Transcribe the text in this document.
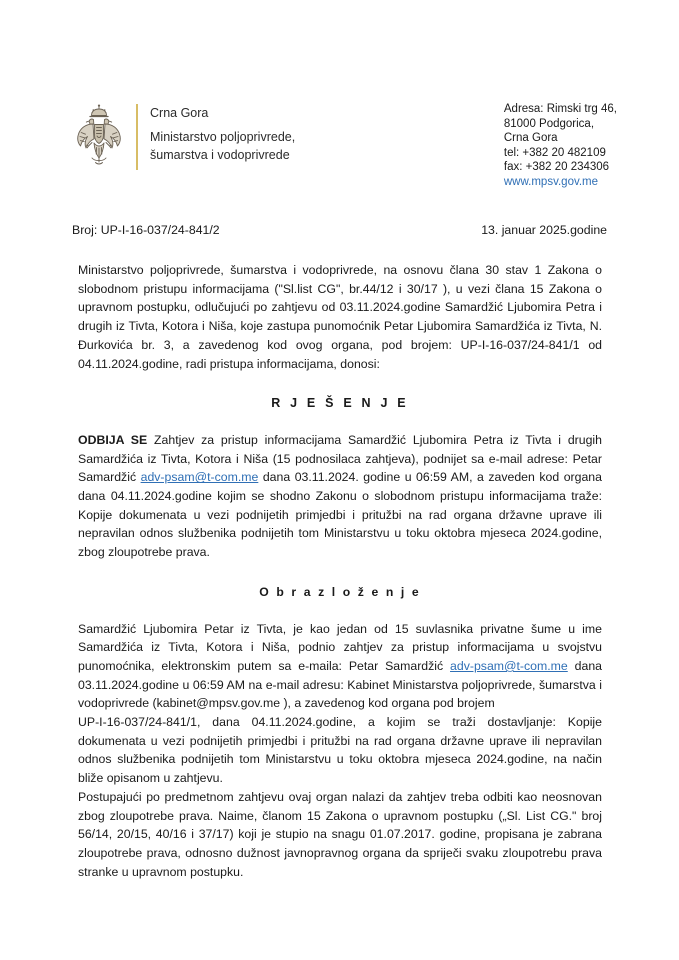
Crna Gora
Ministarstvo poljoprivrede,
šumarstva i vodoprivrede
Adresa: Rimski trg 46,
81000 Podgorica,
Crna Gora
tel: +382 20 482109
fax: +382 20 234306
www.mpsv.gov.me
Broj: UP-I-16-037/24-841/2	13. januar 2025.godine

Ministarstvo poljoprivrede, šumarstva i vodoprivrede, na osnovu člana 30 stav 1 Zakona o slobodnom pristupu informacijama ("Sl.list CG", br.44/12 i 30/17 ), u vezi člana 15 Zakona o upravnom postupku, odlučujući po zahtjevu od 03.11.2024.godine Samardžić Ljubomira Petra i drugih iz Tivta, Kotora i Niša, koje zastupa punomoćnik Petar Ljubomira Samardžića iz Tivta, N. Đurkovića br. 3, a zavedenog kod ovog organa, pod brojem: UP-I-16-037/24-841/1 od 04.11.2024.godine, radi pristupa informacijama, donosi:

R J E Š E N J E

ODBIJA SE Zahtjev za pristup informacijama Samardžić Ljubomira Petra iz Tivta i drugih Samardžića iz Tivta, Kotora i Niša (15 podnosilaca zahtjeva), podnijet sa e-mail adrese: Petar Samardžić adv-psam@t-com.me dana 03.11.2024. godine u 06:59 AM, a zaveden kod organa dana 04.11.2024.godine kojim se shodno Zakonu o slobodnom pristupu informacijama traže: Kopije dokumenata u vezi podnijetih primjedbi i pritužbi na rad organa državne uprave ili nepravilan odnos službenika podnijetih tom Ministarstvu u toku oktobra mjeseca 2024.godine, zbog zloupotrebe prava.

O b r a z l o ž e n j e

Samardžić Ljubomira Petar iz Tivta, je kao jedan od 15 suvlasnika privatne šume u ime Samardžića iz Tivta, Kotora i Niša, podnio zahtjev za pristup informacijama u svojstvu punomoćnika, elektronskim putem sa e-maila: Petar Samardžić adv-psam@t-com.me dana 03.11.2024.godine u 06:59 AM na e-mail adresu: Kabinet Ministarstva poljoprivrede, šumarstva i vodoprivrede (kabinet@mpsv.gov.me ), a zavedenog kod organa pod brojem

UP-I-16-037/24-841/1, dana 04.11.2024.godine, a kojim se traži dostavljanje: Kopije dokumenata u vezi podnijetih primjedbi i pritužbi na rad organa državne uprave ili nepravilan odnos službenika podnijetih tom Ministarstvu u toku oktobra mjeseca 2024.godine, na način bliže opisanom u zahtjevu.

Postupajući po predmetnom zahtjevu ovaj organ nalazi da zahtjev treba odbiti kao neosnovan zbog zloupotrebe prava. Naime, članom 15 Zakona o upravnom postupku („Sl. List CG." broj 56/14, 20/15, 40/16 i 37/17) koji je stupio na snagu 01.07.2017. godine, propisana je zabrana zloupotrebe prava, odnosno dužnost javnopravnog organa da spriječi svaku zloupotrebu prava stranke u upravnom postupku.
